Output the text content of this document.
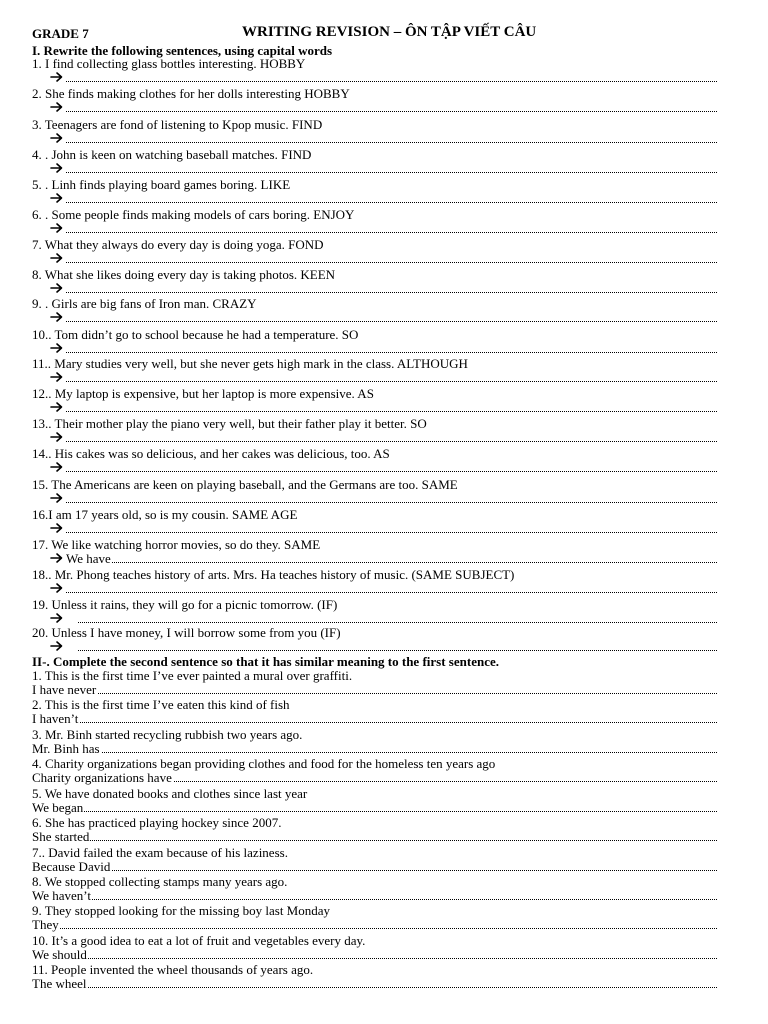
GRADE 7	WRITING REVISION – ÔN TẬP VIẾT CÂU
I. Rewrite the following sentences, using capital words
1. I find collecting glass bottles interesting. HOBBY
2. She finds making clothes for her dolls interesting HOBBY
3. Teenagers are fond of listening to Kpop music. FIND
4. . John is keen on watching baseball matches. FIND
5. . Linh finds playing board games boring. LIKE
6. . Some people finds making models of cars boring. ENJOY
7. What they always do every day is doing yoga. FOND
8. What she likes doing every day is taking photos. KEEN
9. . Girls are big fans of Iron man. CRAZY
10.. Tom didn’t go to school because he had a temperature. SO
11.. Mary studies very well, but she never gets high mark in the class. ALTHOUGH
12.. My laptop is expensive, but her laptop is more expensive. AS
13.. Their mother play the piano very well, but their father play it better. SO
14.. His cakes was so delicious, and her cakes was delicious, too. AS
15. The Americans are keen on playing baseball, and the Germans are too. SAME
16.I am 17 years old, so is my cousin. SAME AGE
17. We like watching horror movies, so do they. SAME
We have
18.. Mr. Phong teaches history of arts. Mrs. Ha teaches history of music. (SAME SUBJECT)
19. Unless it rains, they will go for a picnic tomorrow. (IF)
20. Unless I have money, I will borrow some from you (IF)
II-. Complete the second sentence so that it has similar meaning to the first sentence.
1. This is the first time I’ve ever painted a mural over graffiti.
I have never
2. This is the first time I’ve eaten this kind of fish
I haven’t
3. Mr. Binh started recycling rubbish two years ago.
Mr. Binh has
4. Charity organizations began providing clothes and food for the homeless ten years ago
Charity organizations have
5. We have donated books and clothes since last year
We began
6. She has practiced playing hockey since 2007.
She started
7.. David failed the exam because of his laziness.
Because David
8. We stopped collecting stamps many years ago.
We haven’t
9. They stopped looking for the missing boy last Monday
They
10. It’s a good idea to eat a lot of fruit and vegetables every day.
We should
11. People invented the wheel thousands of years ago.
The wheel
